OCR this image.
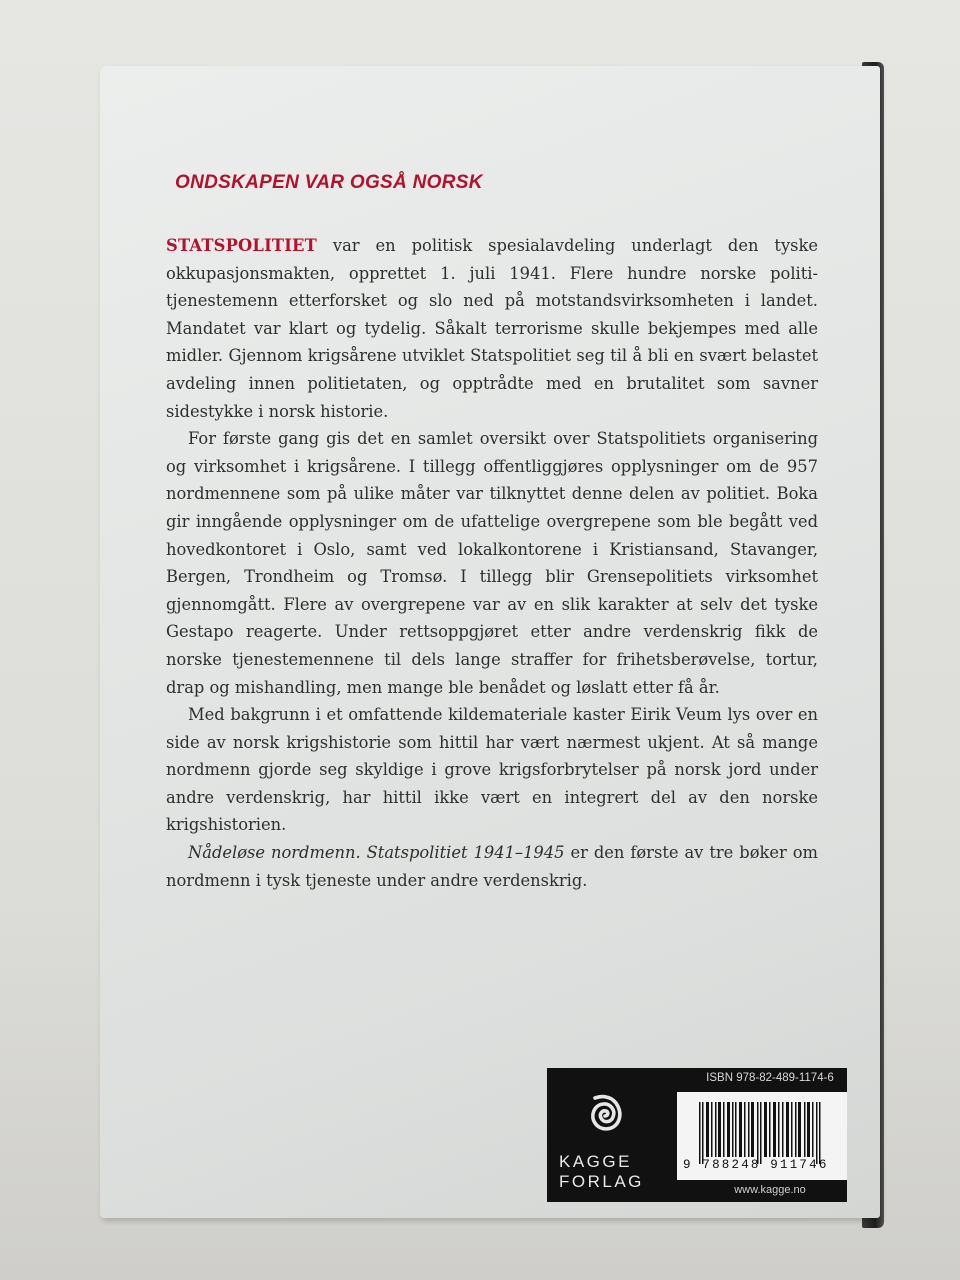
ONDSKAPEN VAR OGSÅ NORSK

STATSPOLITIET var en politisk spesialavdeling underlagt den tyske okkupasjonsmakten, opprettet 1. juli 1941. Flere hundre norske politi-tjenestemenn etterforsket og slo ned på motstandsvirksomheten i landet. Mandatet var klart og tydelig. Såkalt terrorisme skulle bekjempes med alle midler. Gjennom krigsårene utviklet Statspolitiet seg til å bli en svært belastet avdeling innen politietaten, og opptrådte med en brutalitet som savner sidestykke i norsk historie.

For første gang gis det en samlet oversikt over Statspolitiets organisering og virksomhet i krigsårene. I tillegg offentliggjøres opplysninger om de 957 nordmennene som på ulike måter var tilknyttet denne delen av politiet. Boka gir inngående opplysninger om de ufattelige overgrepene som ble begått ved hovedkontoret i Oslo, samt ved lokalkontorene i Kristiansand, Stavanger, Bergen, Trondheim og Tromsø. I tillegg blir Grensepolitiets virksomhet gjennomgått. Flere av overgrepene var av en slik karakter at selv det tyske Gestapo reagerte. Under rettsoppgjøret etter andre verdenskrig fikk de norske tjenestemennene til dels lange straffer for frihetsberøvelse, tortur, drap og mishandling, men mange ble benådet og løslatt etter få år.

Med bakgrunn i et omfattende kildemateriale kaster Eirik Veum lys over en side av norsk krigshistorie som hittil har vært nærmest ukjent. At så mange nordmenn gjorde seg skyldige i grove krigsforbrytelser på norsk jord under andre verdenskrig, har hittil ikke vært en integrert del av den norske krigshistorien.

Nådeløse nordmenn. Statspolitiet 1941–1945 er den første av tre bøker om nordmenn i tysk tjeneste under andre verdenskrig.

KAGGE
FORLAG
ISBN 978-82-489-1174-6
9 788248 911746
www.kagge.no
